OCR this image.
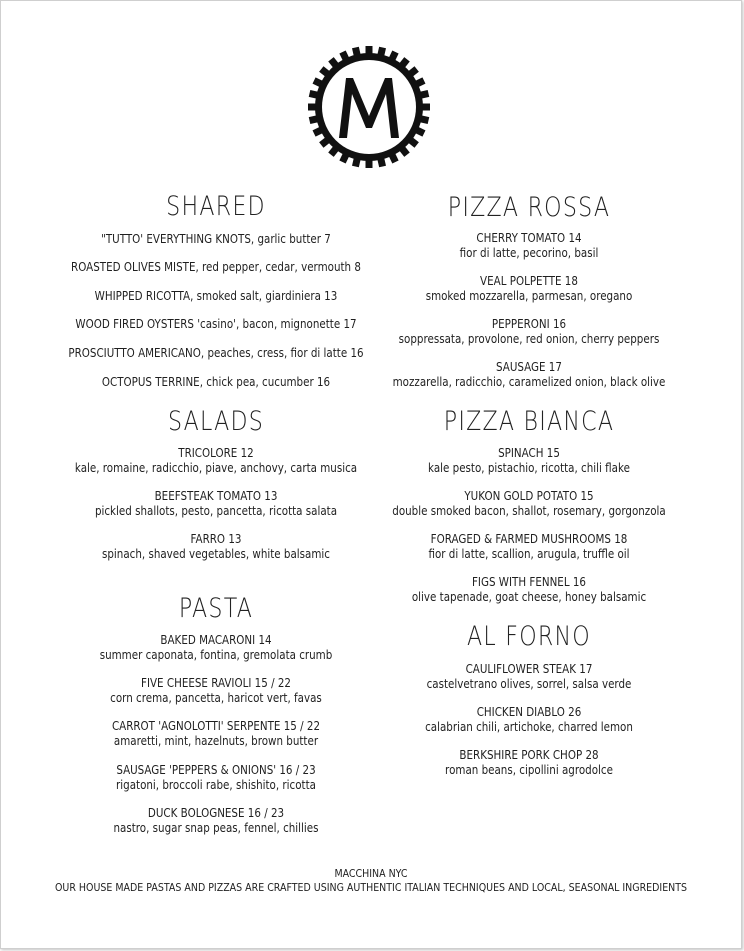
SHARED
"TUTTO' EVERYTHING KNOTS, garlic butter 7
ROASTED OLIVES MISTE, red pepper, cedar, vermouth 8
WHIPPED RICOTTA, smoked salt, giardiniera 13
WOOD FIRED OYSTERS 'casino', bacon, mignonette 17
PROSCIUTTO AMERICANO, peaches, cress, fior di latte 16
OCTOPUS TERRINE, chick pea, cucumber 16
SALADS
TRICOLORE 12
kale, romaine, radicchio, piave, anchovy, carta musica
BEEFSTEAK TOMATO 13
pickled shallots, pesto, pancetta, ricotta salata
FARRO 13
spinach, shaved vegetables, white balsamic
PASTA
BAKED MACARONI 14
summer caponata, fontina, gremolata crumb
FIVE CHEESE RAVIOLI 15 / 22
corn crema, pancetta, haricot vert, favas
CARROT 'AGNOLOTTI' SERPENTE 15 / 22
amaretti, mint, hazelnuts, brown butter
SAUSAGE 'PEPPERS & ONIONS' 16 / 23
rigatoni, broccoli rabe, shishito, ricotta
DUCK BOLOGNESE 16 / 23
nastro, sugar snap peas, fennel, chillies
PIZZA ROSSA
CHERRY TOMATO 14
fior di latte, pecorino, basil
VEAL POLPETTE 18
smoked mozzarella, parmesan, oregano
PEPPERONI 16
soppressata, provolone, red onion, cherry peppers
SAUSAGE 17
mozzarella, radicchio, caramelized onion, black olive
PIZZA BIANCA
SPINACH 15
kale pesto, pistachio, ricotta, chili flake
YUKON GOLD POTATO 15
double smoked bacon, shallot, rosemary, gorgonzola
FORAGED & FARMED MUSHROOMS 18
fior di latte, scallion, arugula, truffle oil
FIGS WITH FENNEL 16
olive tapenade, goat cheese, honey balsamic
AL FORNO
CAULIFLOWER STEAK 17
castelvetrano olives, sorrel, salsa verde
CHICKEN DIABLO 26
calabrian chili, artichoke, charred lemon
BERKSHIRE PORK CHOP 28
roman beans, cipollini agrodolce
MACCHINA NYC
OUR HOUSE MADE PASTAS AND PIZZAS ARE CRAFTED USING AUTHENTIC ITALIAN TECHNIQUES AND LOCAL, SEASONAL INGREDIENTS
